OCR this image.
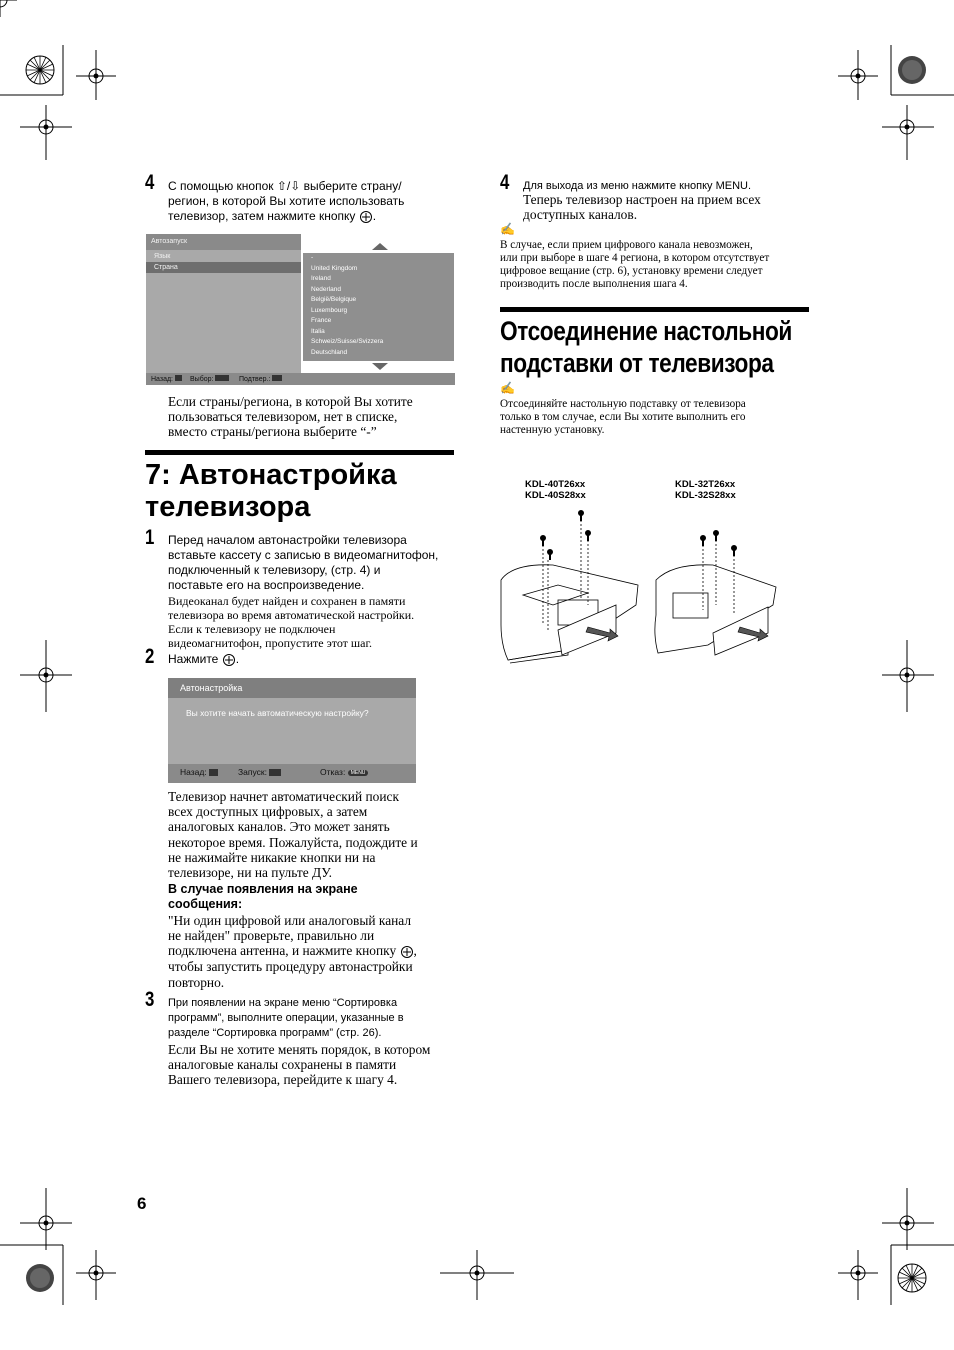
4 С помощью кнопок ⇧/⇩ выберите страну/
регион, в которой Вы хотите использовать
телевизор, затем нажмите кнопку .
Автозапуск
Язык
Страна
-
United Kingdom
Ireland
Nederland
België/Belgique
Luxembourg
France
Italia
Schweiz/Suisse/Svizzera
Deutschland
Назад:	Выбор:	Подтвер.:
Если страны/региона, в которой Вы хотите
пользоваться телевизором, нет в списке,
вместо страны/региона выберите “-”
7: Автонастройка
телевизора
1 Перед началом автонастройки телевизора
вставьте кассету с записью в видеомагнитофон,
подключенный к телевизору, (стр. 4) и
поставьте его на воспроизведение.
Видеоканал будет найден и сохранен в памяти
телевизора во время автоматической настройки.
Если к телевизору не подключен
видеомагнитофон, пропустите этот шаг.
2 Нажмите .
Автонастройка
Вы хотите начать автоматическую настройку?
Назад:	Запуск:	Отказ: MENU
Телевизор начнет автоматический поиск
всех доступных цифровых, а затем
аналоговых каналов. Это может занять
некоторое время. Пожалуйста, подождите и
не нажимайте никакие кнопки ни на
телевизоре, ни на пульте ДУ.
В случае появления на экране
сообщения:
"Ни один цифровой или аналоговый канал
не найден" проверьте, правильно ли
подключена антенна, и нажмите кнопку ,
чтобы запустить процедуру автонастройки
повторно.
3 При появлении на экране меню “Сортировка
программ”, выполните операции, указанные в
разделе “Сортировка программ” (стр. 26).
Если Вы не хотите менять порядок, в котором
аналоговые каналы сохранены в памяти
Вашего телевизора, перейдите к шагу 4.
4 Для выхода из меню нажмите кнопку MENU.
Теперь телевизор настроен на прием всех
доступных каналов.
✍
В случае, если прием цифрового канала невозможен,
или при выборе в шаге 4 региона, в котором отсутствует
цифровое вещание (стр. 6), установку времени следует
производить после выполнения шага 4.
Отсоединение настольной
подставки от телевизора
✍
Отсоединяйте настольную подставку от телевизора
только в том случае, если Вы хотите выполнить его
настенную установку.
KDL-40T26xx
KDL-40S28xx
KDL-32T26xx
KDL-32S28xx
6
